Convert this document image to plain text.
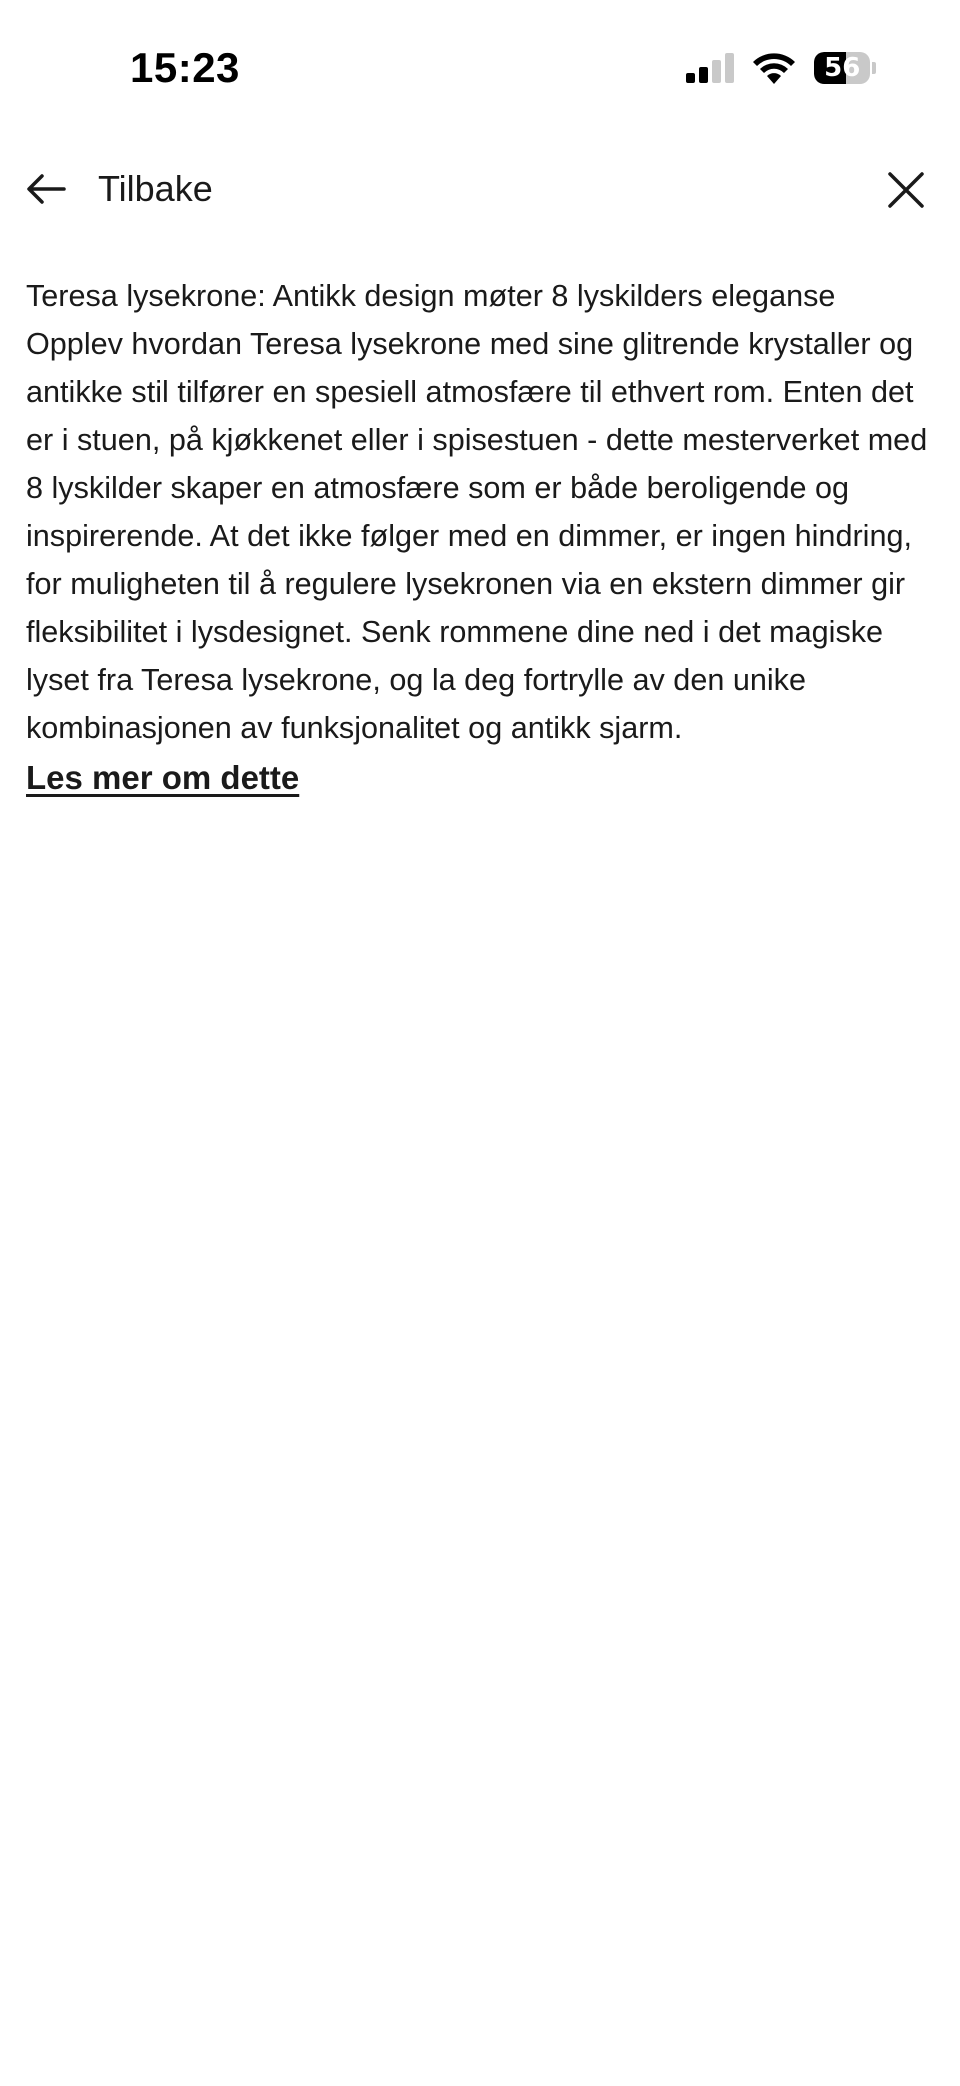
15:23	56
Tilbake

Teresa lysekrone: Antikk design møter 8 lyskilders eleganse Opplev hvordan Teresa lysekrone med sine glitrende krystaller og antikke stil tilfører en spesiell atmosfære til ethvert rom. Enten det er i stuen, på kjøkkenet eller i spisestuen - dette mesterverket med 8 lyskilder skaper en atmosfære som er både beroligende og inspirerende. At det ikke følger med en dimmer, er ingen hindring, for muligheten til å regulere lysekronen via en ekstern dimmer gir fleksibilitet i lysdesignet. Senk rommene dine ned i det magiske lyset fra Teresa lysekrone, og la deg fortrylle av den unike kombinasjonen av funksjonalitet og antikk sjarm.

Les mer om dette
